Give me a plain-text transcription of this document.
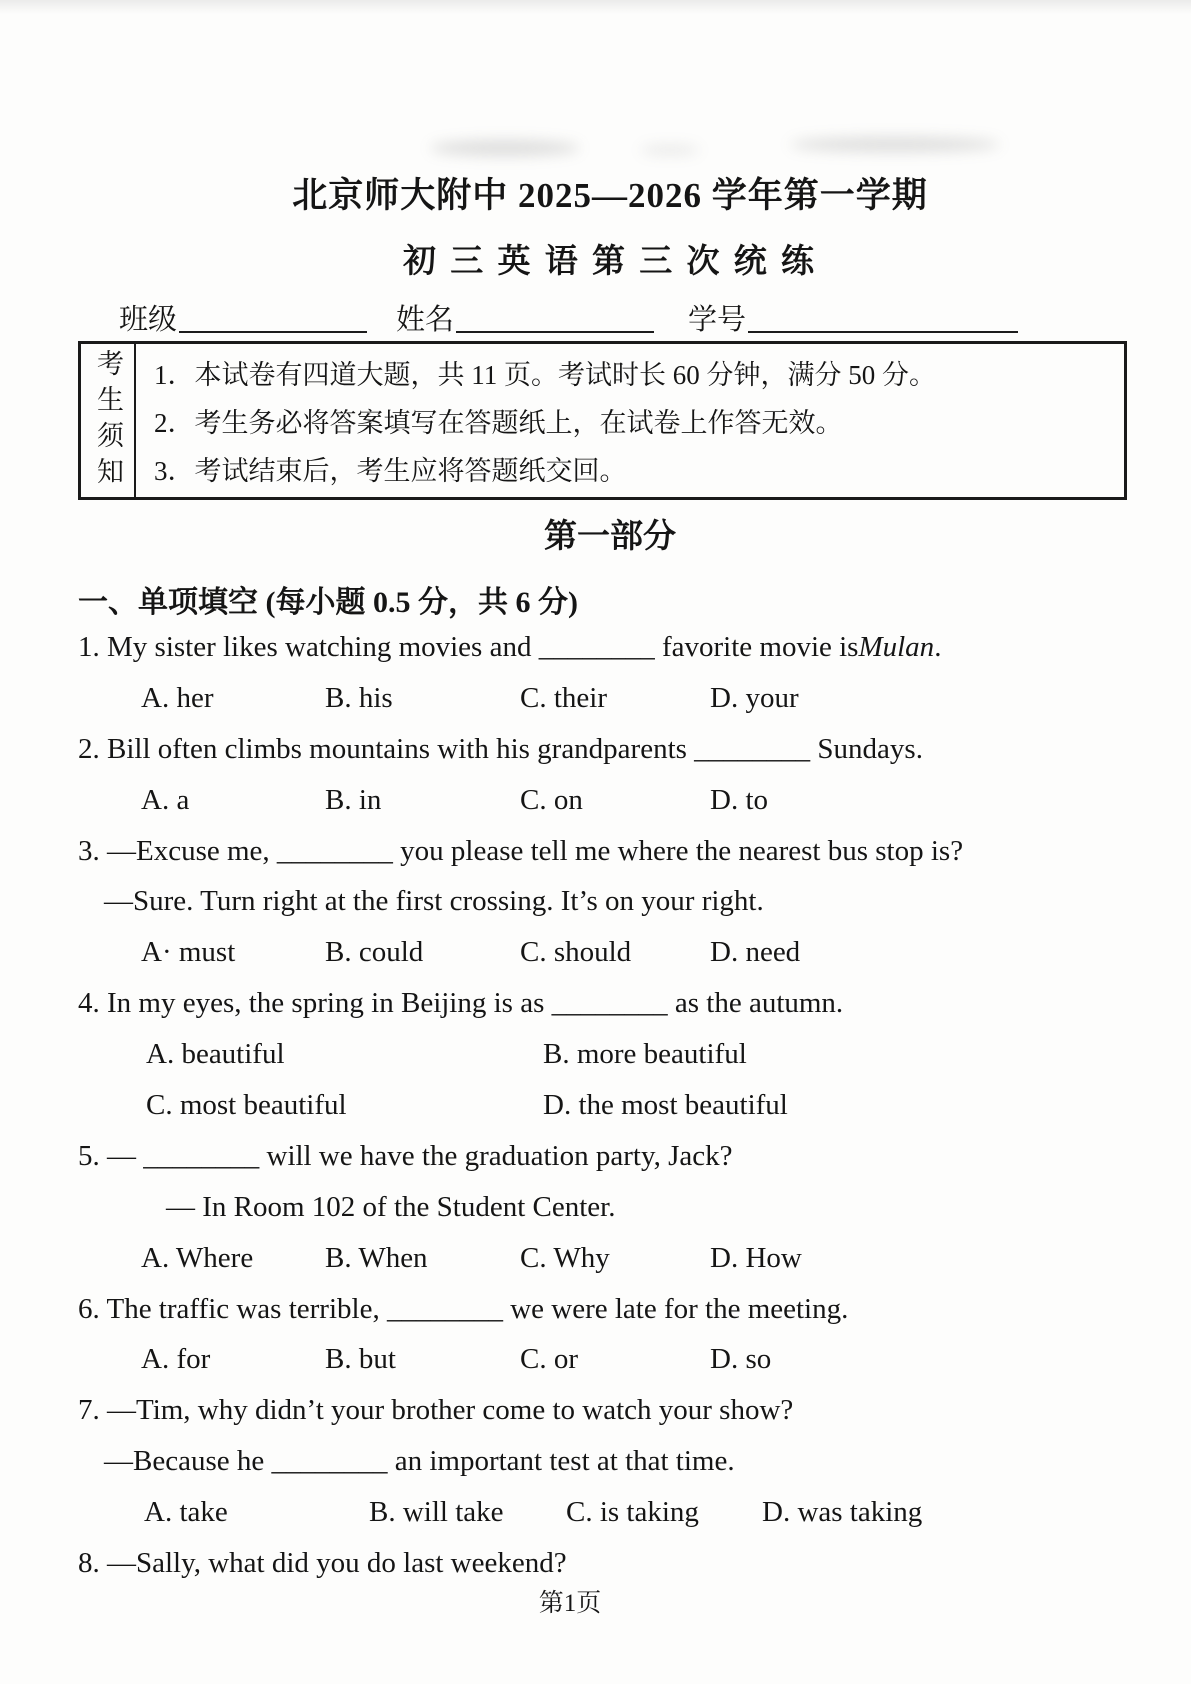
北京师大附中 2025—2026 学年第一学期
初 三 英 语 第 三 次 统 练
班级	姓名	学号
考生须知 1．本试卷有四道大题，共 11 页。考试时长 60 分钟，满分 50 分。
2．考生务必将答案填写在答题纸上，在试卷上作答无效。
3．考试结束后，考生应将答题纸交回。
第一部分
一、单项填空 (每小题 0.5 分，共 6 分)
1. My sister likes watching movies and ________ favorite movie is Mulan .
A. her	B. his	C. their	D. your
2. Bill often climbs mountains with his grandparents ________ Sundays.
A. a	B. in	C. on	D. to
3. —Excuse me, ________ you please tell me where the nearest bus stop is?
—Sure. Turn right at the first crossing. It’s on your right.
A· must	B. could	C. should	D. need
4. In my eyes, the spring in Beijing is as ________ as the autumn.
A. beautiful	B. more beautiful
C. most beautiful	D. the most beautiful
5. — ________ will we have the graduation party, Jack?
— In Room 102 of the Student Center.
A. Where	B. When	C. Why	D. How
6. The traffic was terrible, ________ we were late for the meeting.
A. for	B. but	C. or	D. so
7. —Tim, why didn’t your brother come to watch your show?
—Because he ________ an important test at that time.
A. take	B. will take	C. is taking	D. was taking
8. —Sally, what did you do last weekend?
第1页
